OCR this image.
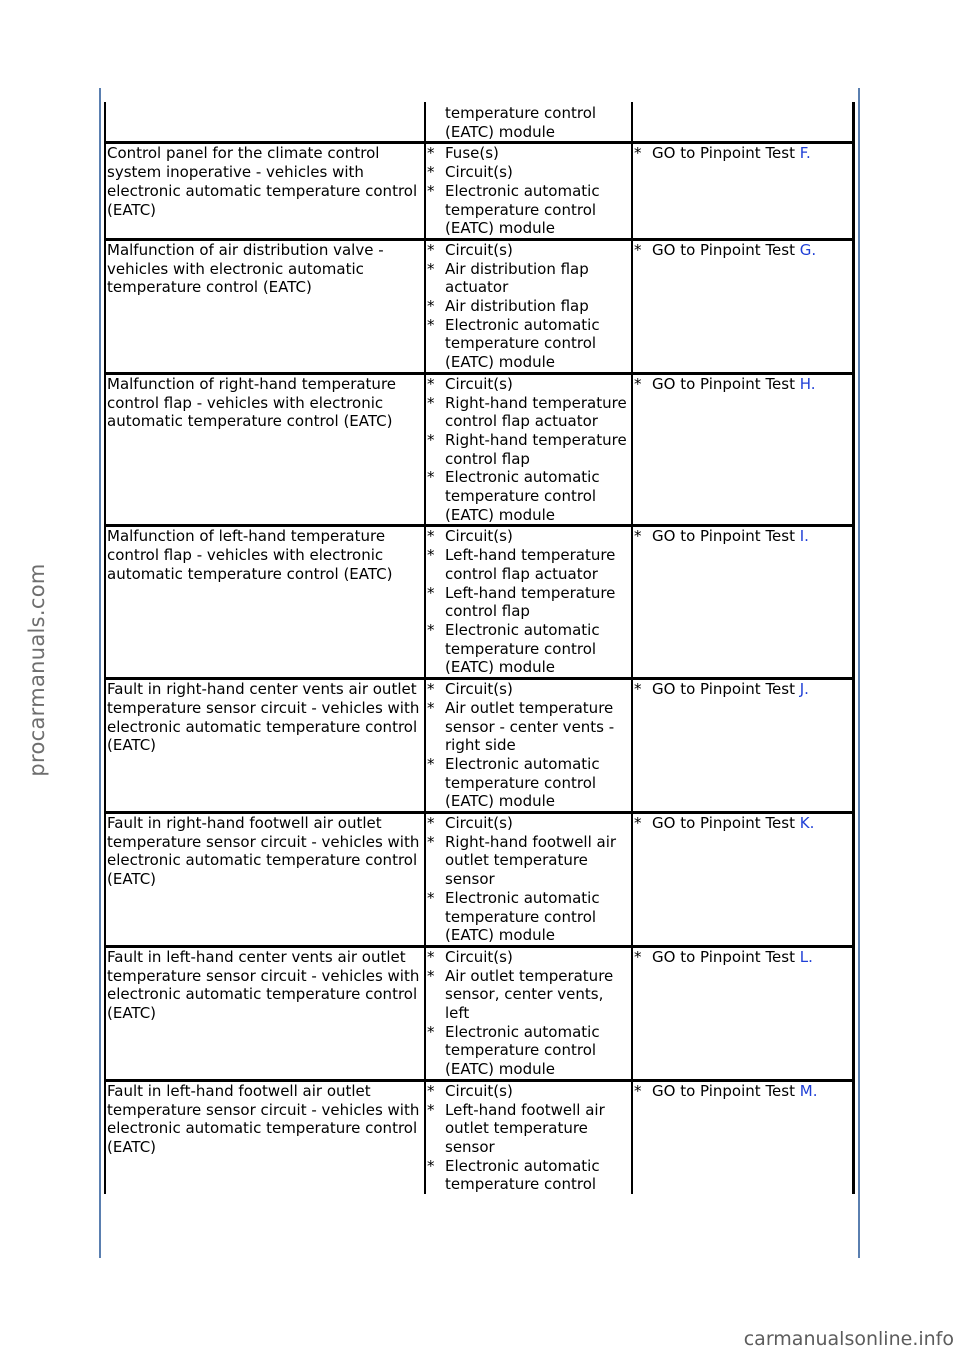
procarmanuals.com
temperature control (EATC) module
Control panel for the climate control system inoperative - vehicles with electronic automatic temperature control (EATC)
* Fuse(s)
* Circuit(s)
* Electronic automatic temperature control (EATC) module
* GO to Pinpoint Test F.
Malfunction of air distribution valve - vehicles with electronic automatic temperature control (EATC)
* Circuit(s)
* Air distribution flap actuator
* Air distribution flap
* Electronic automatic temperature control (EATC) module
* GO to Pinpoint Test G.
Malfunction of right-hand temperature control flap - vehicles with electronic automatic temperature control (EATC)
* Circuit(s)
* Right-hand temperature control flap actuator
* Right-hand temperature control flap
* Electronic automatic temperature control (EATC) module
* GO to Pinpoint Test H.
Malfunction of left-hand temperature control flap - vehicles with electronic automatic temperature control (EATC)
* Circuit(s)
* Left-hand temperature control flap actuator
* Left-hand temperature control flap
* Electronic automatic temperature control (EATC) module
* GO to Pinpoint Test I.
Fault in right-hand center vents air outlet temperature sensor circuit - vehicles with electronic automatic temperature control (EATC)
* Circuit(s)
* Air outlet temperature sensor - center vents - right side
* Electronic automatic temperature control (EATC) module
* GO to Pinpoint Test J.
Fault in right-hand footwell air outlet temperature sensor circuit - vehicles with electronic automatic temperature control (EATC)
* Circuit(s)
* Right-hand footwell air outlet temperature sensor
* Electronic automatic temperature control (EATC) module
* GO to Pinpoint Test K.
Fault in left-hand center vents air outlet temperature sensor circuit - vehicles with electronic automatic temperature control (EATC)
* Circuit(s)
* Air outlet temperature sensor, center vents, left
* Electronic automatic temperature control (EATC) module
* GO to Pinpoint Test L.
Fault in left-hand footwell air outlet temperature sensor circuit - vehicles with electronic automatic temperature control (EATC)
* Circuit(s)
* Left-hand footwell air outlet temperature sensor
* Electronic automatic temperature control
* GO to Pinpoint Test M.
carmanualsonline.info
